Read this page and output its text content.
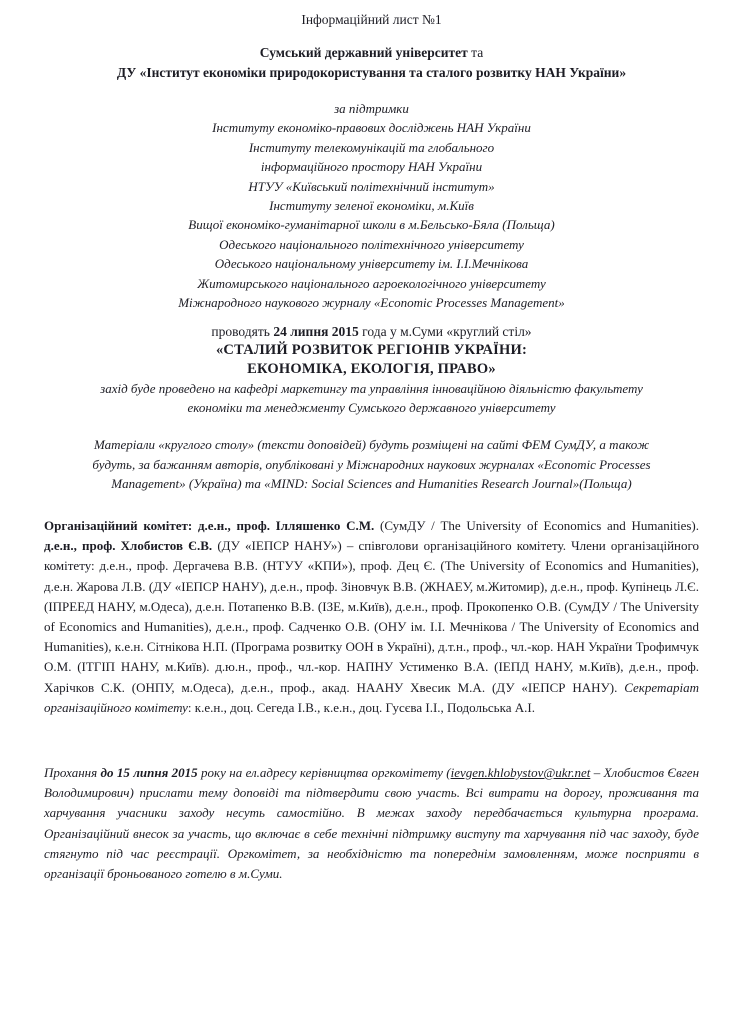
Інформаційний лист №1
Сумський державний університет та
ДУ «Інститут економіки природокористування та сталого розвитку НАН України»
за підтримки
Інституту економіко-правових досліджень НАН України
Інституту телекомунікацій та глобального
інформаційного простору НАН України
НТУУ «Київський політехнічний інститут»
Інституту зеленої економіки, м.Київ
Вищої економіко-гуманітарної школи в м.Бельсько-Бяла (Польща)
Одеського національного політехнічного університету
Одеського національному університету ім. І.І.Мечнікова
Житомирського національного агроекологічного університету
Міжнародного наукового журналу «Economic Processes Management»
проводять 24 липня 2015 года у м.Суми «круглий стіл»
«СТАЛИЙ РОЗВИТОК РЕГІОНІВ УКРАЇНИ:
ЕКОНОМІКА, ЕКОЛОГІЯ, ПРАВО»
захід буде проведено на кафедрі маркетингу та управління інноваційною діяльністю факультету
економіки та менеджменту Сумського державного університету
Матеріали «круглого столу» (тексти доповідей) будуть розміщені на сайті ФЕМ СумДУ, а також
будуть, за бажанням авторів, опубліковані у Міжнародних наукових журналах «Economic Processes
Management» (Україна) та «MIND: Social Sciences and Humanities Research Journal»(Польща)
Організаційний комітет: д.е.н., проф. Ілляшенко С.М. (СумДУ / The University of Economics and Humanities). д.е.н., проф. Хлобистов Є.В. (ДУ «ІЕПСР НАНУ») – співголови організаційного комітету. Члени організаційного комітету: д.е.н., проф. Дергачева В.В. (НТУУ «КПИ»), проф. Дец Є. (The University of Economics and Humanities), д.е.н. Жарова Л.В. (ДУ «ІЕПСР НАНУ), д.е.н., проф. Зіновчук В.В. (ЖНАЕУ, м.Житомир), д.е.н., проф. Купінець Л.Є. (ІПРЕЕД НАНУ, м.Одеса), д.е.н. Потапенко В.В. (ІЗЕ, м.Київ), д.е.н., проф. Прокопенко О.В. (СумДУ / The University of Economics and Humanities), д.е.н., проф. Садченко О.В. (ОНУ ім. І.І. Мечнікова / The University of Economics and Humanities), к.е.н. Сітнікова Н.П. (Програма розвитку ООН в Україні), д.т.н., проф., чл.-кор. НАН України Трофимчук О.М. (ІТГІП НАНУ, м.Київ). д.ю.н., проф., чл.-кор. НАПНУ Устименко В.А. (ІЕПД НАНУ, м.Київ), д.е.н., проф. Харічков С.К. (ОНПУ, м.Одеса), д.е.н., проф., акад. НААНУ Хвесик М.А. (ДУ «ІЕПСР НАНУ). Секретаріат організаційного комітету: к.е.н., доц. Сегеда І.В., к.е.н., доц. Гусєва І.І., Подольська А.І.
Прохання до 15 липня 2015 року на ел.адресу керівництва оргкомітету (ievgen.khlobystov@ukr.net – Хлобистов Євген Володимирович) прислати тему доповіді та підтвердити свою участь. Всі витрати на дорогу, проживання та харчування учасники заходу несуть самостійно. В межах заходу передбачається культурна програма. Організаційний внесок за участь, що включає в себе технічні підтримку виступу та харчування під час заходу, буде стягнуто під час реєстрації. Оргкомітет, за необхідністю та попереднім замовленням, може посприяти в організації броньованого готелю в м.Суми.
